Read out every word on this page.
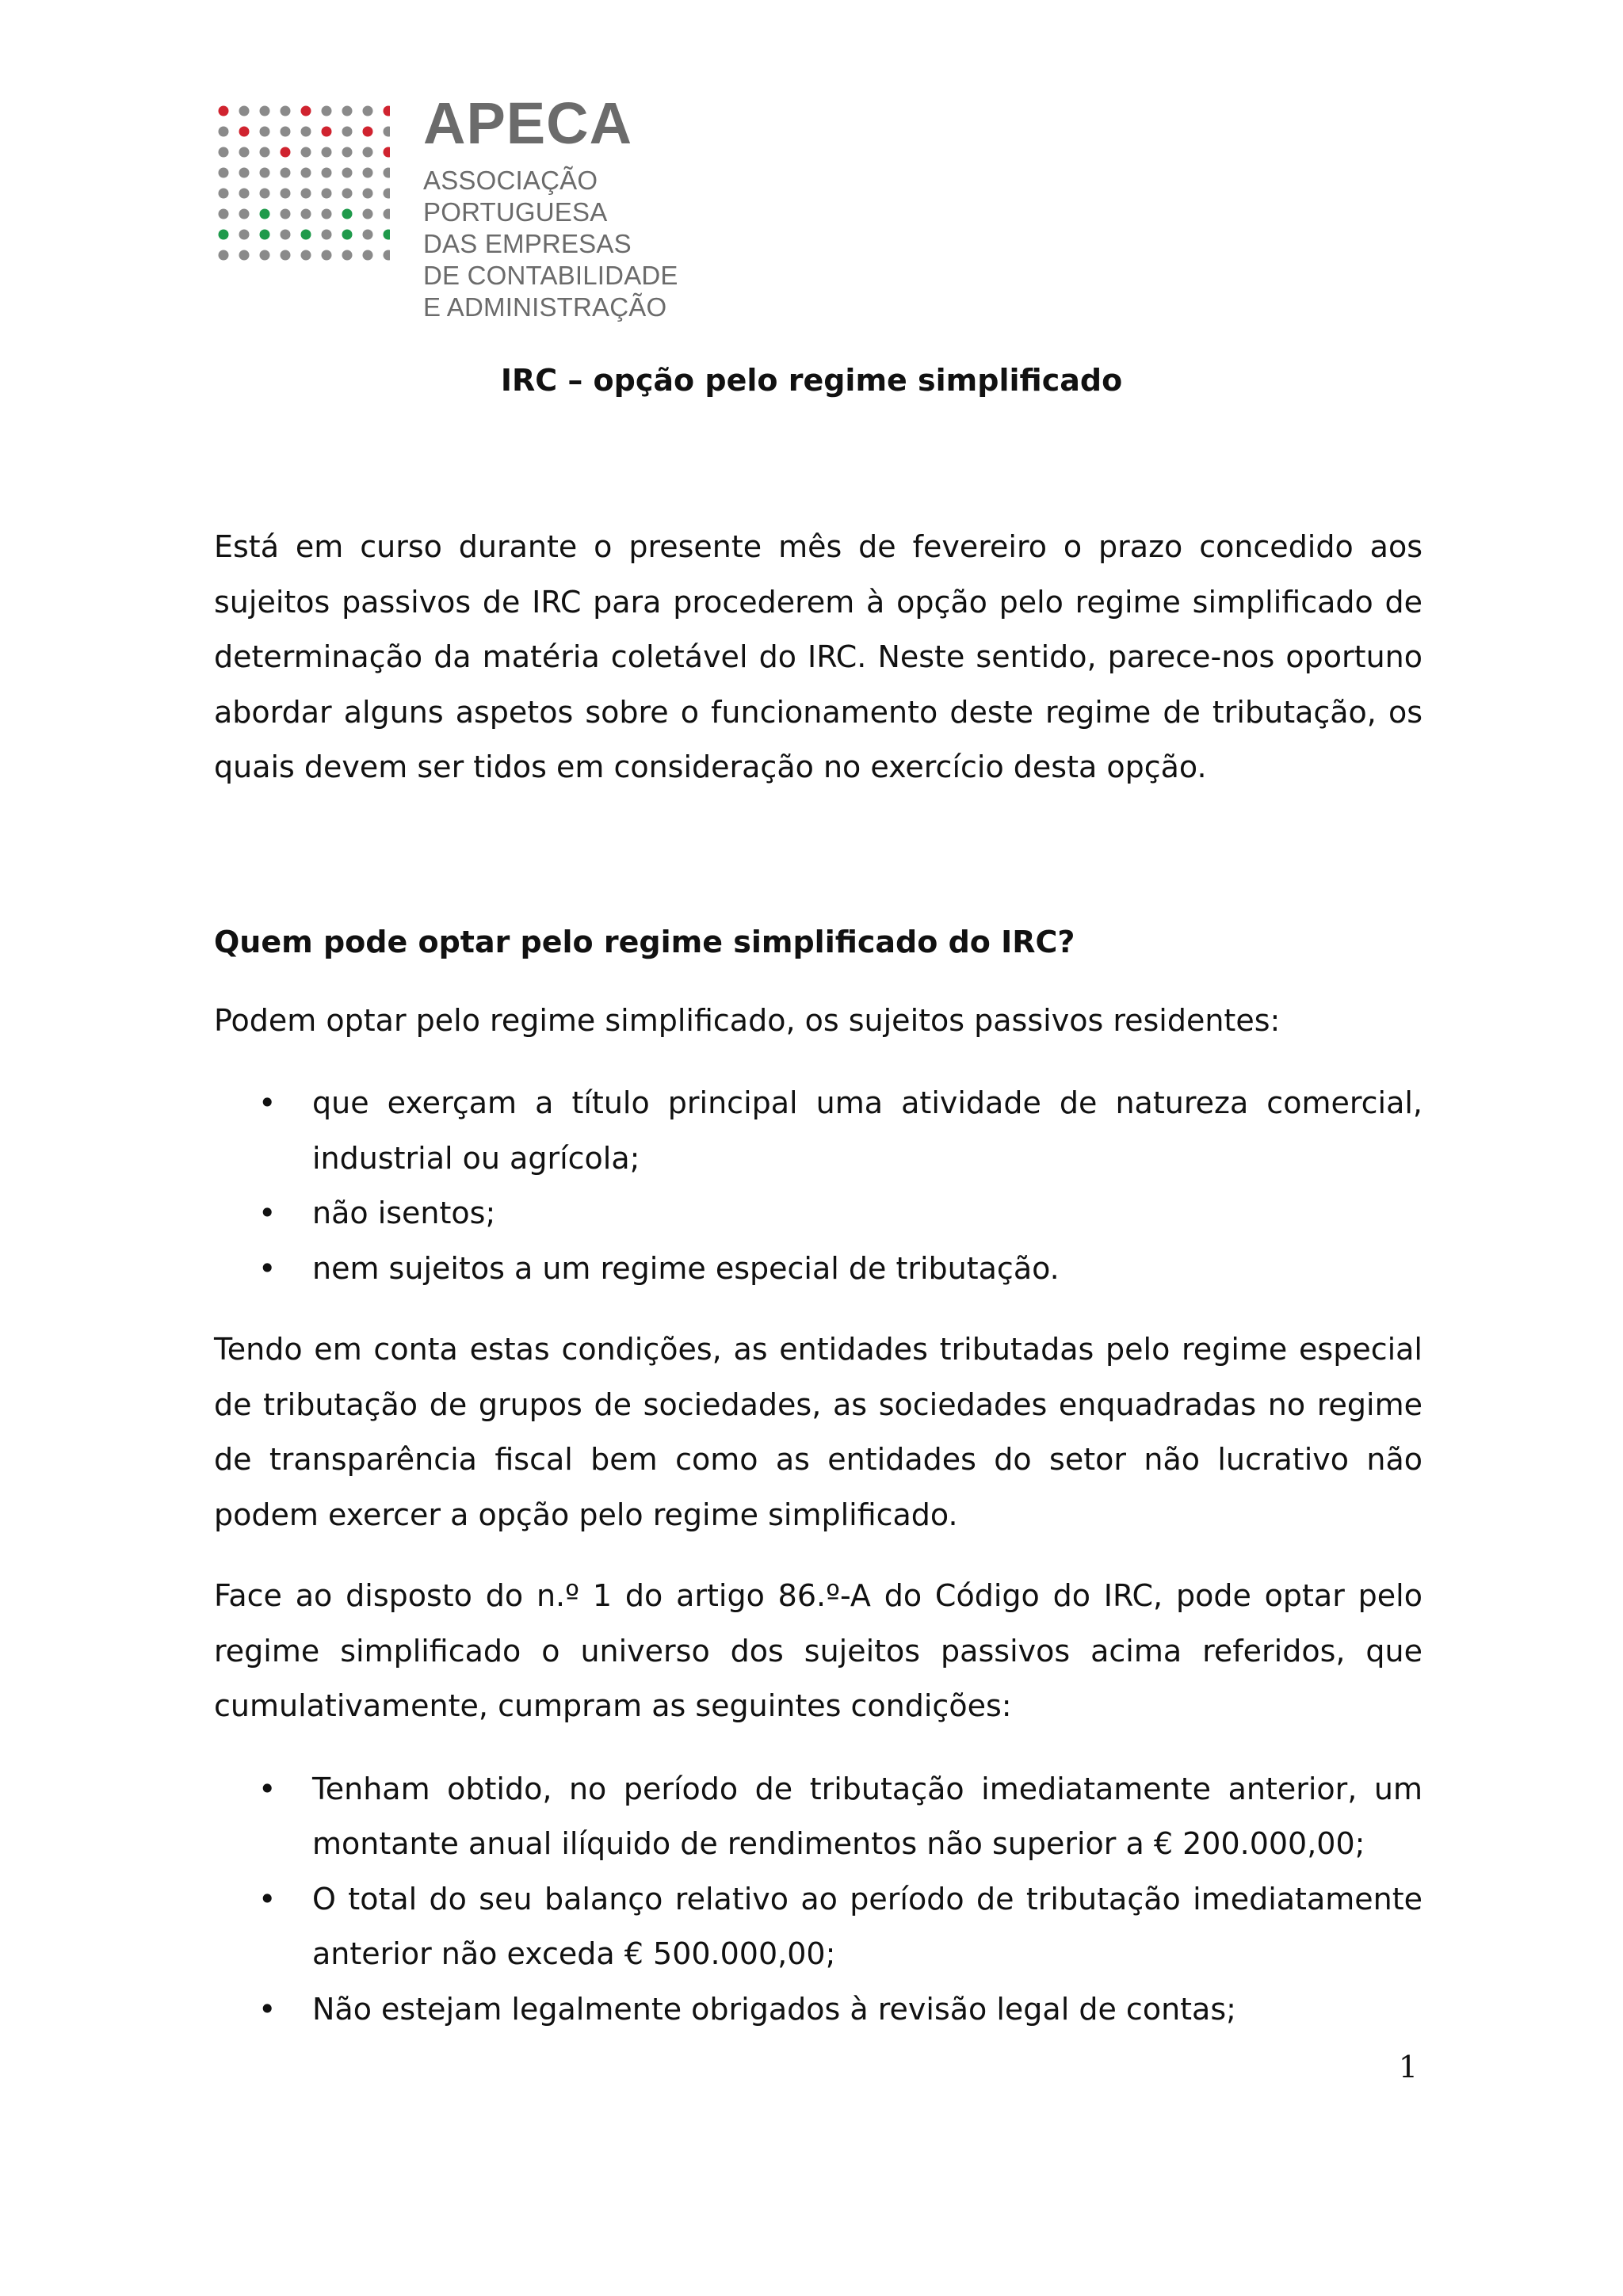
APECA
ASSOCIAÇÃO PORTUGUESA
DAS EMPRESAS
DE CONTABILIDADE
E ADMINISTRAÇÃO
IRC – opção pelo regime simplificado

Está em curso durante o presente mês de fevereiro o prazo concedido aos sujeitos passivos de IRC para procederem à opção pelo regime simplificado de determinação da matéria coletável do IRC. Neste sentido, parece-nos oportuno abordar alguns aspetos sobre o funcionamento deste regime de tributação, os quais devem ser tidos em consideração no exercício desta opção.

Quem pode optar pelo regime simplificado do IRC?

Podem optar pelo regime simplificado, os sujeitos passivos residentes:

• que exerçam a título principal uma atividade de natureza comercial, industrial ou agrícola;
• não isentos;
• nem sujeitos a um regime especial de tributação.

Tendo em conta estas condições, as entidades tributadas pelo regime especial de tributação de grupos de sociedades, as sociedades enquadradas no regime de transparência fiscal bem como as entidades do setor não lucrativo não podem exercer a opção pelo regime simplificado.

Face ao disposto do n.º 1 do artigo 86.º-A do Código do IRC, pode optar pelo regime simplificado o universo dos sujeitos passivos acima referidos, que cumulativamente, cumpram as seguintes condições:

• Tenham obtido, no período de tributação imediatamente anterior, um montante anual ilíquido de rendimentos não superior a € 200.000,00;
• O total do seu balanço relativo ao período de tributação imediatamente anterior não exceda € 500.000,00;
• Não estejam legalmente obrigados à revisão legal de contas;
1
